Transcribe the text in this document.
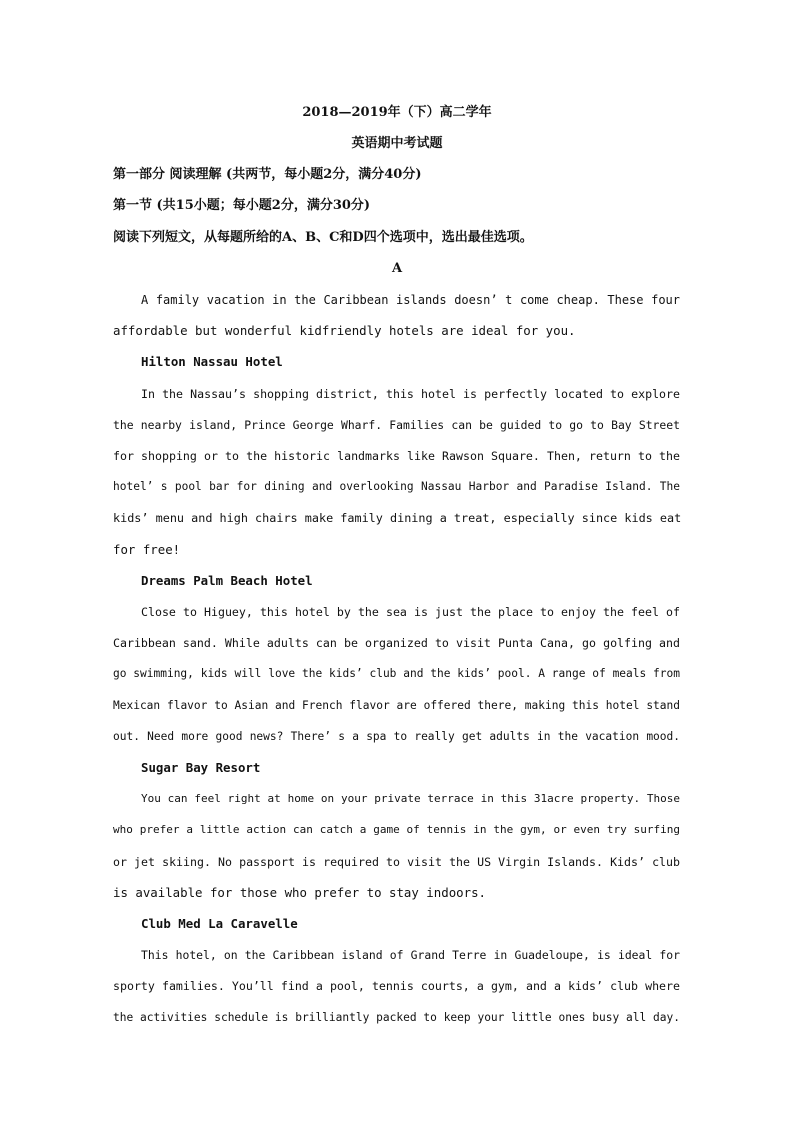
2018—2019年（下）高二学年
英语期中考试题
第一部分 阅读理解 (共两节，每小题2分，满分40分)
第一节 (共15小题；每小题2分，满分30分)
阅读下列短文，从每题所给的A、B、C和D四个选项中，选出最佳选项。
A
A family vacation in the Caribbean islands doesn’ t come cheap. These four
affordable but wonderful kidfriendly hotels are ideal for you.
Hilton Nassau Hotel
In the Nassau’s shopping district, this hotel is perfectly located to explore
the nearby island, Prince George Wharf. Families can be guided to go to Bay Street
for shopping or to the historic landmarks like Rawson Square. Then, return to the
hotel’ s pool bar for dining and overlooking Nassau Harbor and Paradise Island. The
kids’ menu and high chairs make family dining a treat, especially since kids eat
for free!
Dreams Palm Beach Hotel
Close to Higuey, this hotel by the sea is just the place to enjoy the feel of
Caribbean sand. While adults can be organized to visit Punta Cana, go golfing and
go swimming, kids will love the kids’ club and the kids’ pool. A range of meals from
Mexican flavor to Asian and French flavor are offered there, making this hotel stand
out. Need more good news? There’ s a spa to really get adults in the vacation mood.
Sugar Bay Resort
You can feel right at home on your private terrace in this 31acre property. Those
who prefer a little action can catch a game of tennis in the gym, or even try surfing
or jet skiing. No passport is required to visit the US Virgin Islands. Kids’ club
is available for those who prefer to stay indoors.
Club Med La Caravelle
This hotel, on the Caribbean island of Grand Terre in Guadeloupe, is ideal for
sporty families. You’ll find a pool, tennis courts, a gym, and a kids’ club where
the activities schedule is brilliantly packed to keep your little ones busy all day.
